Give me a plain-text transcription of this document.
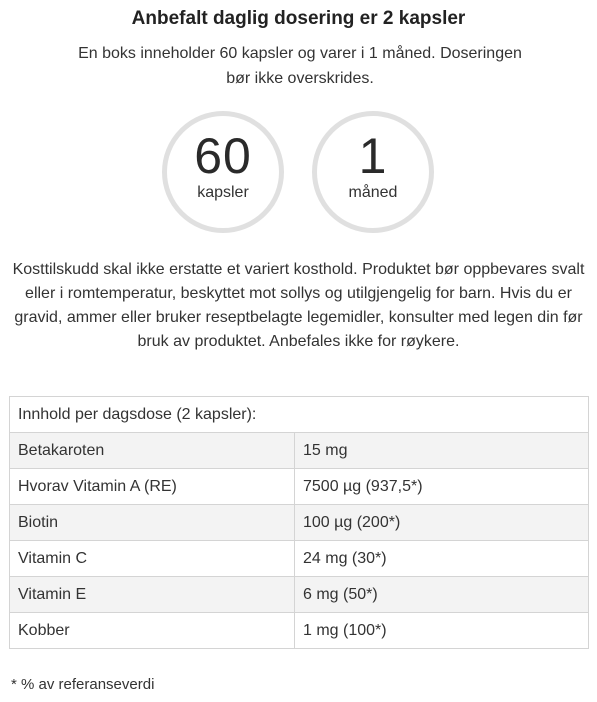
Anbefalt daglig dosering er 2 kapsler
En boks inneholder 60 kapsler og varer i 1 måned. Doseringen bør ikke overskrides.
60
kapsler
1
måned
Kosttilskudd skal ikke erstatte et variert kosthold. Produktet bør oppbevares svalt eller i romtemperatur, beskyttet mot sollys og utilgjengelig for barn. Hvis du er gravid, ammer eller bruker reseptbelagte legemidler, konsulter med legen din før bruk av produktet. Anbefales ikke for røykere.
Innhold per dagsdose (2 kapsler):	
Betakaroten	15 mg
Hvorav Vitamin A (RE)	7500 µg (937,5*)
Biotin	100 µg (200*)
Vitamin C	24 mg (30*)
Vitamin E	6 mg (50*)
Kobber	1 mg (100*)
* % av referanseverdi
